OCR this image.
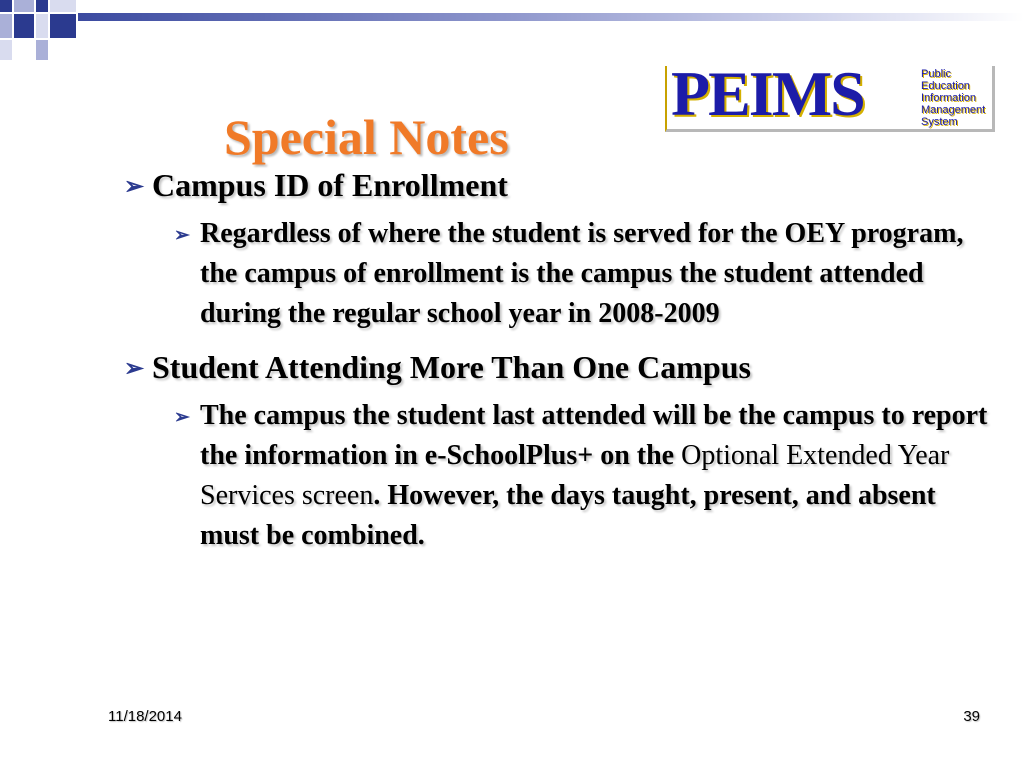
PEIMS	Public
Education
Information
Management
System
Special Notes
➢ Campus ID of Enrollment
➢ Regardless of where the student is served for the OEY program, the campus of enrollment is the campus the student attended during the regular school year in 2008-2009
➢ Student Attending More Than One Campus
➢ The campus the student last attended will be the campus to report the information in e-SchoolPlus+ on the Optional Extended Year Services screen. However, the days taught, present, and absent must be combined.
11/18/2014	39
